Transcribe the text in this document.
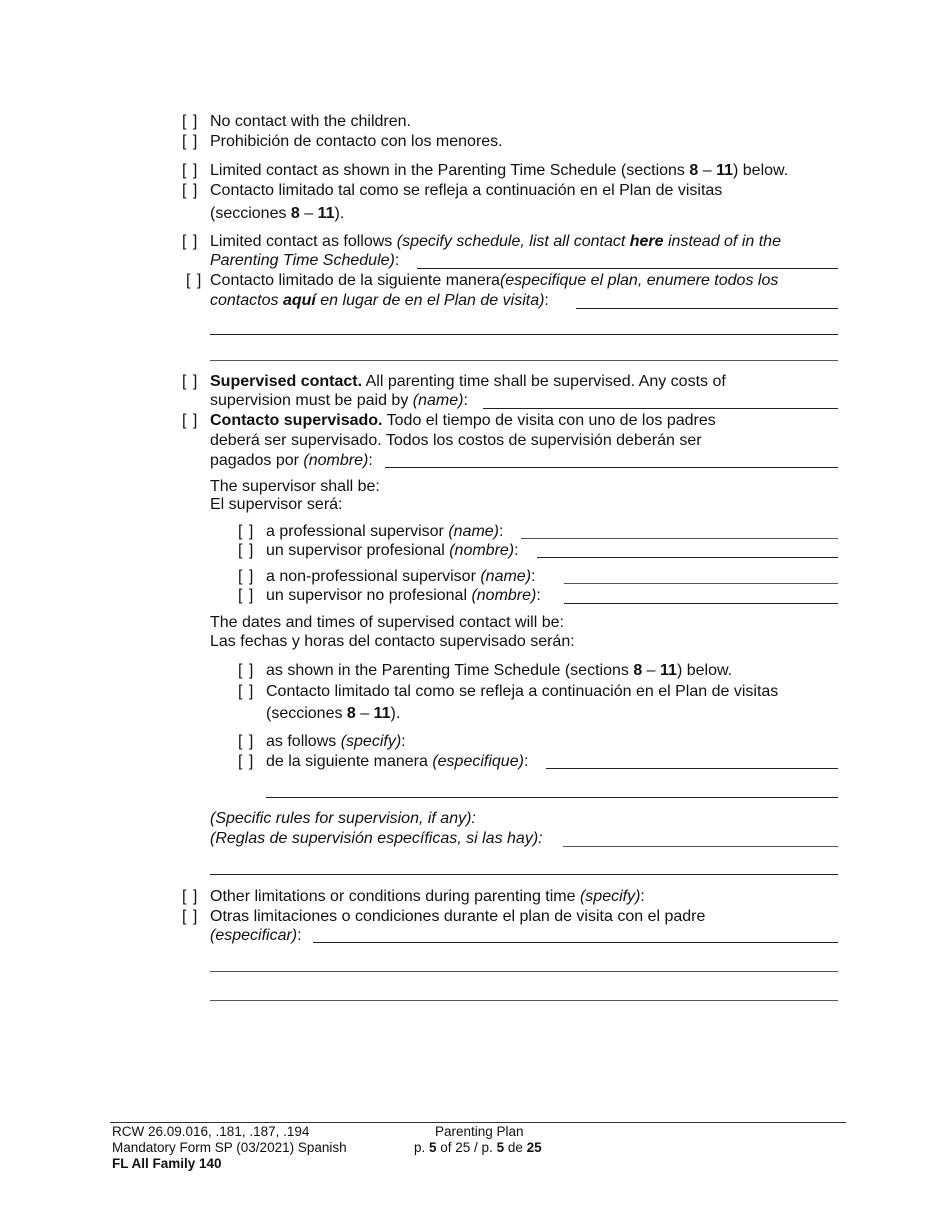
[ ] No contact with the children.
[ ] Prohibición de contacto con los menores.
[ ] Limited contact as shown in the Parenting Time Schedule (sections 8 – 11) below.
[ ] Contacto limitado tal como se refleja a continuación en el Plan de visitas
(secciones 8 – 11).
[ ] Limited contact as follows (specify schedule, list all contact here instead of in the
Parenting Time Schedule):
[ ] Contacto limitado de la siguiente manera(especifique el plan, enumere todos los
contactos aquí en lugar de en el Plan de visita):
[ ] Supervised contact. All parenting time shall be supervised. Any costs of
supervision must be paid by (name):
[ ] Contacto supervisado. Todo el tiempo de visita con uno de los padres
deberá ser supervisado. Todos los costos de supervisión deberán ser
pagados por (nombre):
The supervisor shall be:
El supervisor será:
[ ] a professional supervisor (name):
[ ] un supervisor profesional (nombre):
[ ] a non-professional supervisor (name):
[ ] un supervisor no profesional (nombre):
The dates and times of supervised contact will be:
Las fechas y horas del contacto supervisado serán:
[ ] as shown in the Parenting Time Schedule (sections 8 – 11) below.
[ ] Contacto limitado tal como se refleja a continuación en el Plan de visitas
(secciones 8 – 11).
[ ] as follows (specify):
[ ] de la siguiente manera (especifique):
(Specific rules for supervision, if any):
(Reglas de supervisión específicas, si las hay):
[ ] Other limitations or conditions during parenting time (specify):
[ ] Otras limitaciones o condiciones durante el plan de visita con el padre
(especificar):
RCW 26.09.016, .181, .187, .194
Mandatory Form SP (03/2021) Spanish
FL All Family 140
Parenting Plan
p. 5 of 25 / p. 5 de 25
